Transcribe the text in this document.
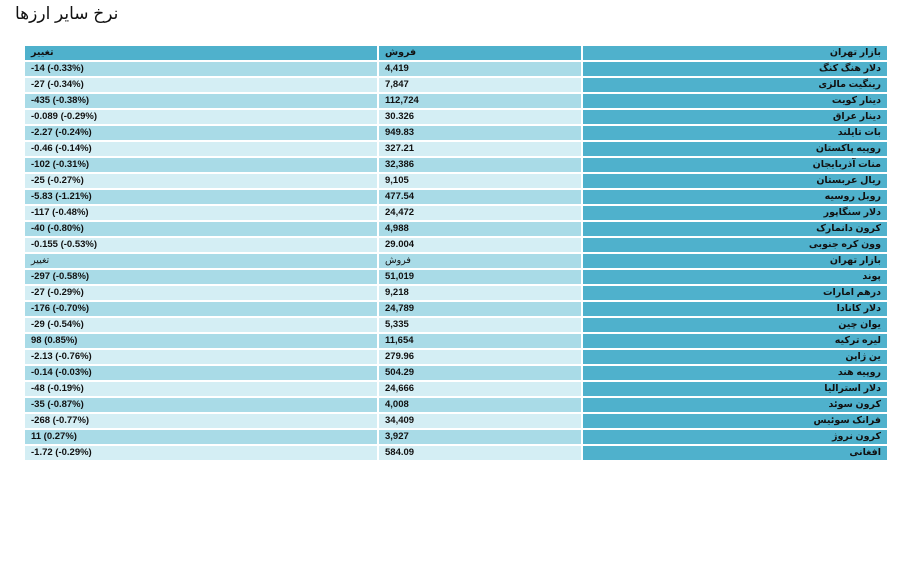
نرخ سایر ارزها
بازار تهران	فروش	تغییر
دلار هنگ کنگ	4,419	-14 (-0.33%)
رینگیت مالزی	7,847	-27 (-0.34%)
دینار کویت	112,724	-435 (-0.38%)
دینار عراق	30.326	-0.089 (-0.29%)
بات تایلند	949.83	-2.27 (-0.24%)
روپیه پاکستان	327.21	-0.46 (-0.14%)
منات آذربایجان	32,386	-102 (-0.31%)
ریال عربستان	9,105	-25 (-0.27%)
روبل روسیه	477.54	-5.83 (-1.21%)
دلار سنگاپور	24,472	-117 (-0.48%)
کرون دانمارک	4,988	-40 (-0.80%)
وون کره جنوبی	29.004	-0.155 (-0.53%)
بازار تهران	فروش	تغییر
پوند	51,019	-297 (-0.58%)
درهم امارات	9,218	-27 (-0.29%)
دلار کانادا	24,789	-176 (-0.70%)
یوان چین	5,335	-29 (-0.54%)
لیره ترکیه	11,654	98 (0.85%)
ین ژاپن	279.96	-2.13 (-0.76%)
روپیه هند	504.29	-0.14 (-0.03%)
دلار استرالیا	24,666	-48 (-0.19%)
کرون سوئد	4,008	-35 (-0.87%)
فرانک سوئیس	34,409	-268 (-0.77%)
کرون نروژ	3,927	11 (0.27%)
افغانی	584.09	-1.72 (-0.29%)
